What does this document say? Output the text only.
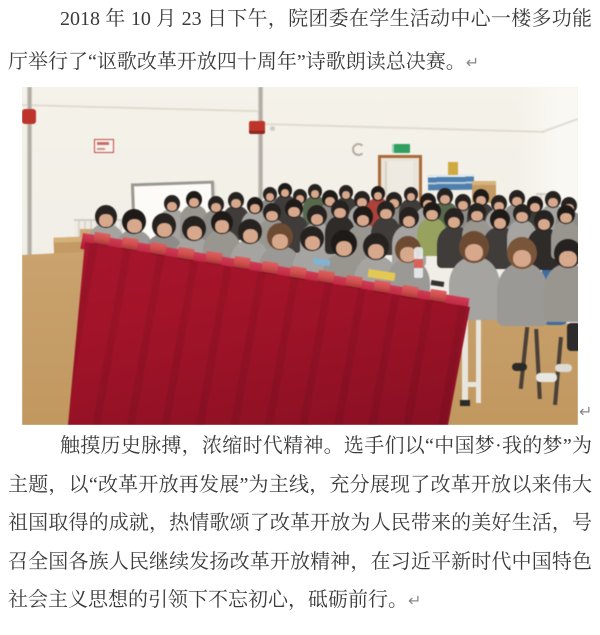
2018 年 10 月 23 日下午，院团委在学生活动中心一楼多功能厅举行了“讴歌改革开放四十周年”诗歌朗读总决赛。↵

↵

触摸历史脉搏，浓缩时代精神。选手们以“中国梦·我的梦”为主题，以“改革开放再发展”为主线，充分展现了改革开放以来伟大祖国取得的成就，热情歌颂了改革开放为人民带来的美好生活，号召全国各族人民继续发扬改革开放精神，在习近平新时代中国特色社会主义思想的引领下不忘初心，砥砺前行。↵
